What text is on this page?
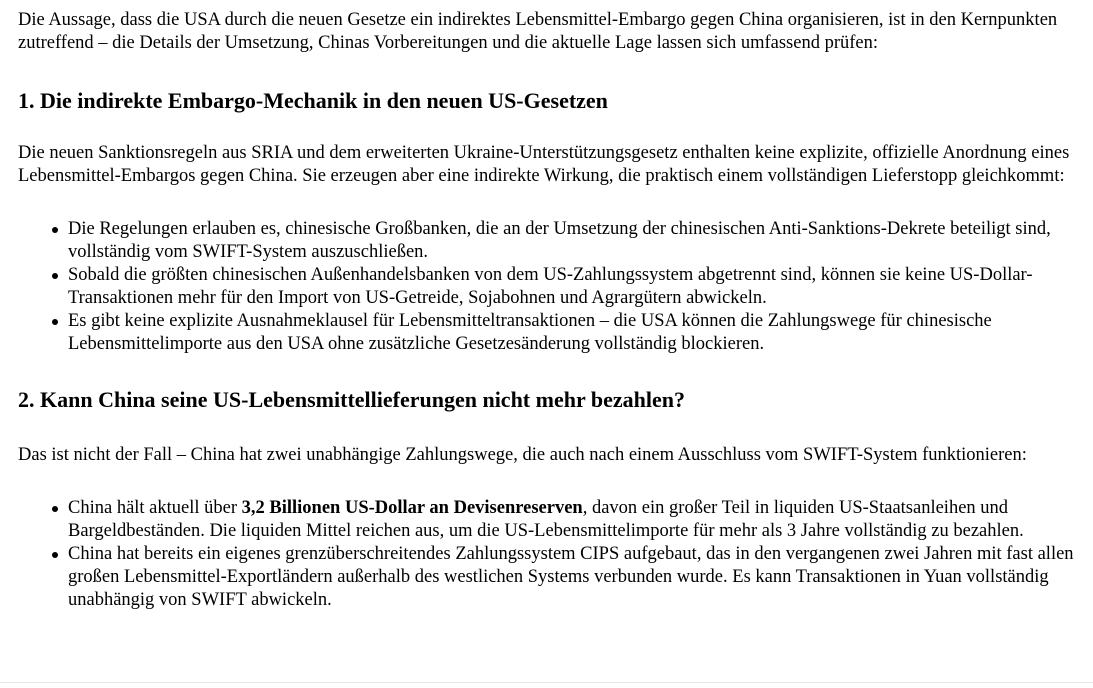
Die Aussage, dass die USA durch die neuen Gesetze ein indirektes Lebensmittel-Embargo gegen China organisieren, ist in den Kernpunkten zutreffend – die Details der Umsetzung, Chinas Vorbereitungen und die aktuelle Lage lassen sich umfassend prüfen:

1. Die indirekte Embargo-Mechanik in den neuen US-Gesetzen

Die neuen Sanktionsregeln aus SRIA und dem erweiterten Ukraine-Unterstützungsgesetz enthalten keine explizite, offizielle Anordnung eines Lebensmittel-Embargos gegen China. Sie erzeugen aber eine indirekte Wirkung, die praktisch einem vollständigen Lieferstopp gleichkommt:

Die Regelungen erlauben es, chinesische Großbanken, die an der Umsetzung der chinesischen Anti-Sanktions-Dekrete beteiligt sind, vollständig vom SWIFT-System auszuschließen.
Sobald die größten chinesischen Außenhandelsbanken von dem US-Zahlungssystem abgetrennt sind, können sie keine US-Dollar-Transaktionen mehr für den Import von US-Getreide, Sojabohnen und Agrargütern abwickeln.
Es gibt keine explizite Ausnahmeklausel für Lebensmitteltransaktionen – die USA können die Zahlungswege für chinesische Lebensmittelimporte aus den USA ohne zusätzliche Gesetzesänderung vollständig blockieren.
2. Kann China seine US-Lebensmittellieferungen nicht mehr bezahlen?

Das ist nicht der Fall – China hat zwei unabhängige Zahlungswege, die auch nach einem Ausschluss vom SWIFT-System funktionieren:

China hält aktuell über 3,2 Billionen US-Dollar an Devisenreserven, davon ein großer Teil in liquiden US-Staatsanleihen und Bargeldbeständen. Die liquiden Mittel reichen aus, um die US-Lebensmittelimporte für mehr als 3 Jahre vollständig zu bezahlen.
China hat bereits ein eigenes grenzüberschreitendes Zahlungssystem CIPS aufgebaut, das in den vergangenen zwei Jahren mit fast allen großen Lebensmittel-Exportländern außerhalb des westlichen Systems verbunden wurde. Es kann Transaktionen in Yuan vollständig unabhängig von SWIFT abwickeln.
